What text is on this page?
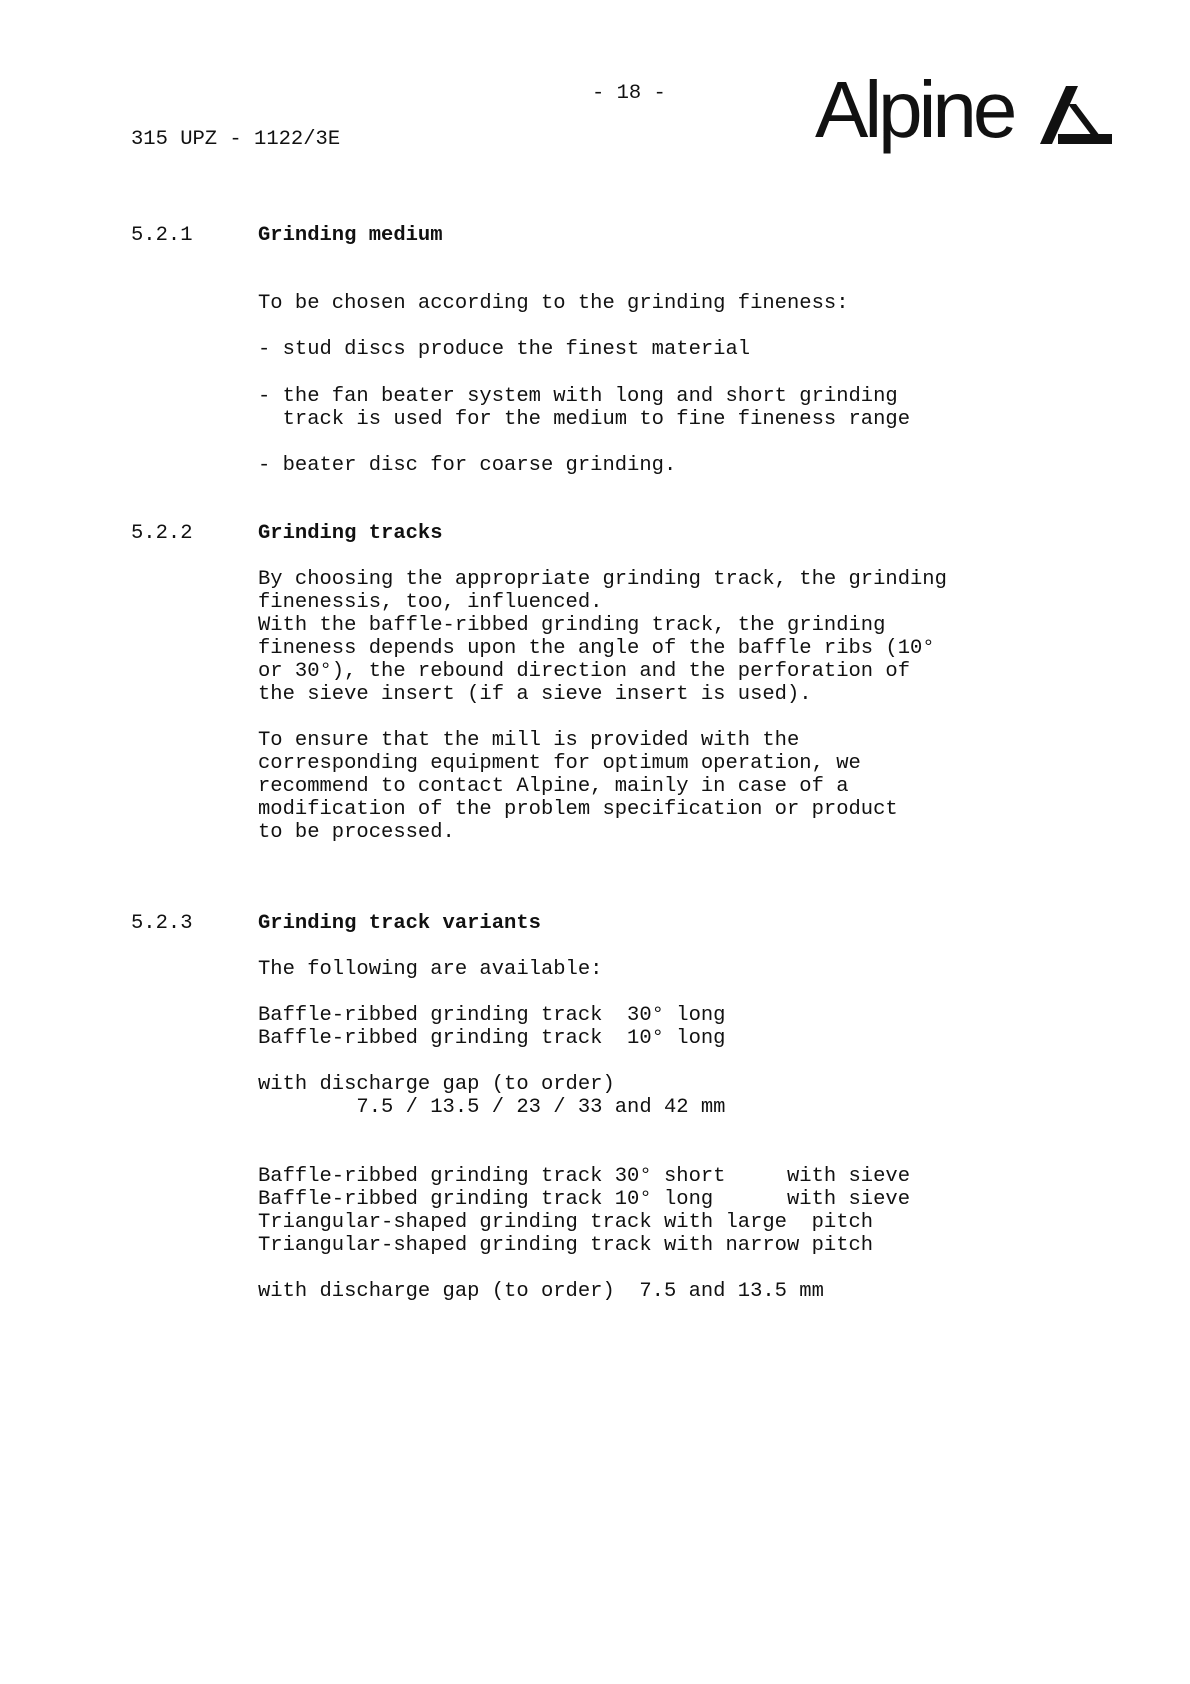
- 18 -
315 UPZ - 1122/3E	Alpine
5.2.1	Grinding medium
To be chosen according to the grinding fineness:
- stud discs produce the finest material
- the fan beater system with long and short grinding
track is used for the medium to fine fineness range
- beater disc for coarse grinding.
5.2.2	Grinding tracks
By choosing the appropriate grinding track, the grinding
finenessis, too, influenced.
With the baffle-ribbed grinding track, the grinding
fineness depends upon the angle of the baffle ribs (10°
or 30°), the rebound direction and the perforation of
the sieve insert (if a sieve insert is used).
To ensure that the mill is provided with the
corresponding equipment for optimum operation, we
recommend to contact Alpine, mainly in case of a
modification of the problem specification or product
to be processed.
5.2.3	Grinding track variants
The following are available:
Baffle-ribbed grinding track  30° long
Baffle-ribbed grinding track  10° long
with discharge gap (to order)
7.5 / 13.5 / 23 / 33 and 42 mm
Baffle-ribbed grinding track 30° short     with sieve
Baffle-ribbed grinding track 10° long      with sieve
Triangular-shaped grinding track with large  pitch
Triangular-shaped grinding track with narrow pitch
with discharge gap (to order)  7.5 and 13.5 mm
